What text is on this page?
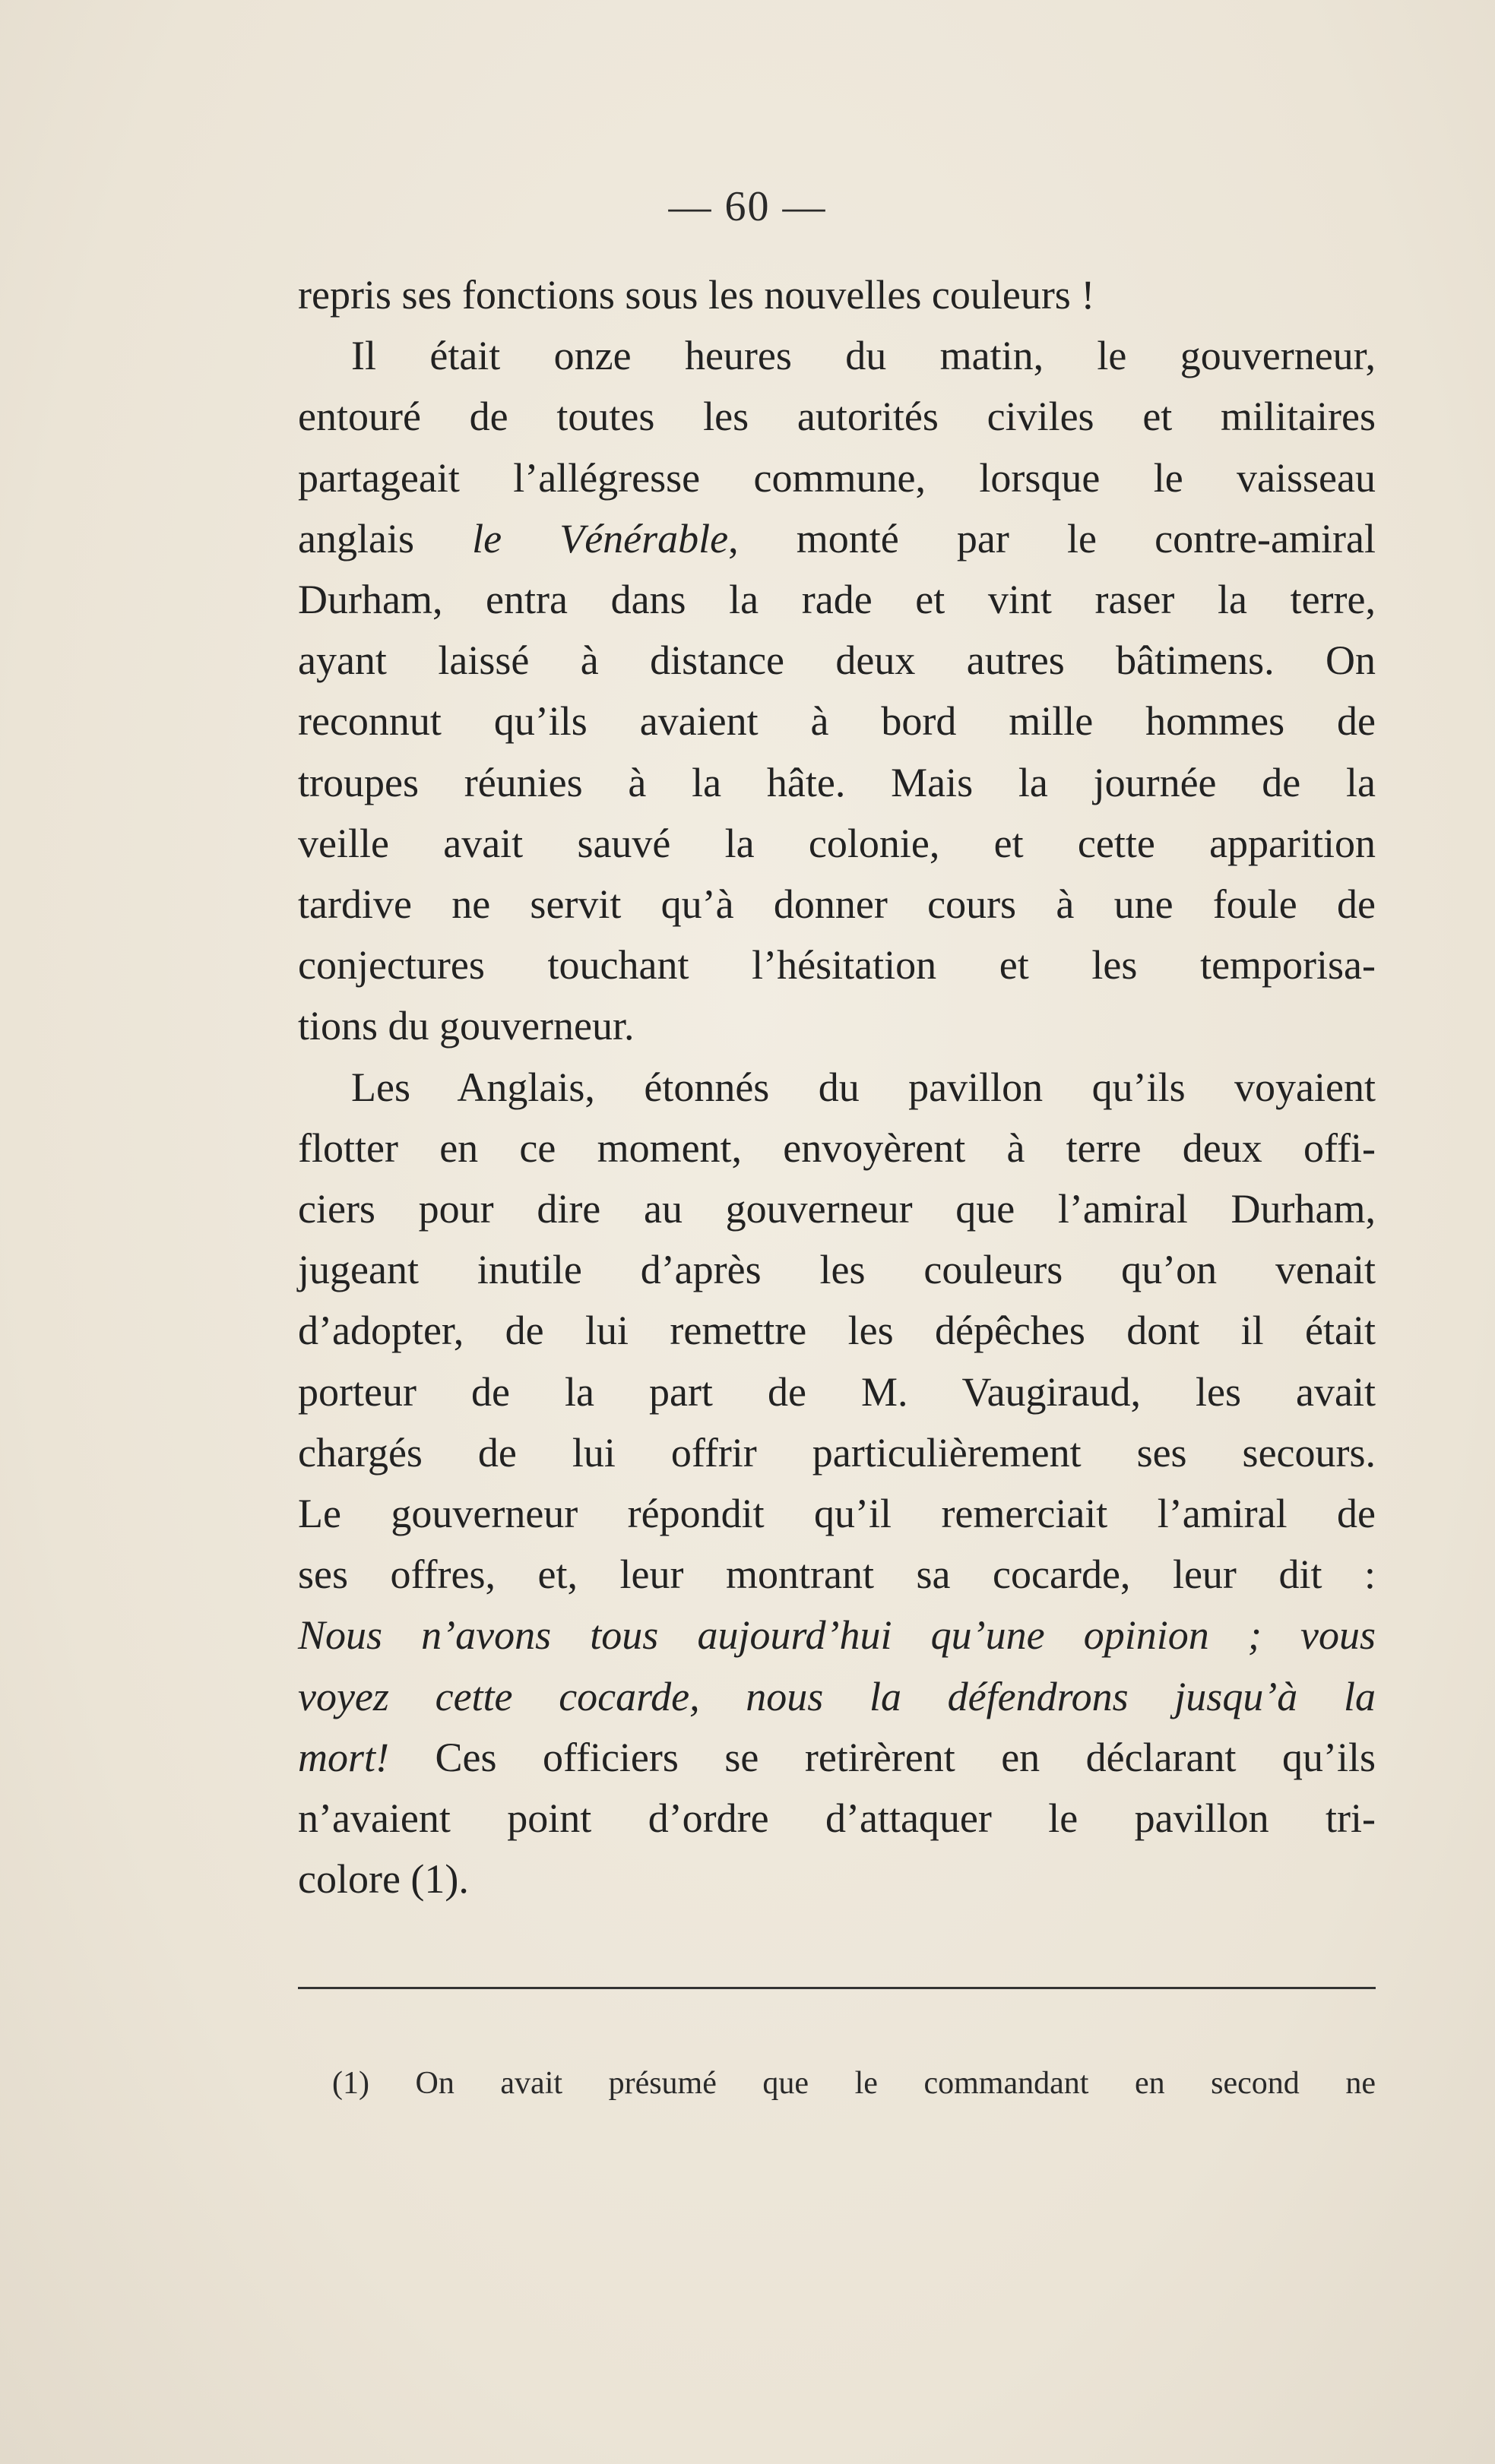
— 60 —
repris ses fonctions sous les nouvelles couleurs !
Il était onze heures du matin, le gouverneur,
entouré de toutes les autorités civiles et militaires
partageait l’allégresse commune, lorsque le vaisseau
anglais le Vénérable, monté par le contre-amiral
Durham, entra dans la rade et vint raser la terre,
ayant laissé à distance deux autres bâtimens. On
reconnut qu’ils avaient à bord mille hommes de
troupes réunies à la hâte. Mais la journée de la
veille avait sauvé la colonie, et cette apparition
tardive ne servit qu’à donner cours à une foule de
conjectures touchant l’hésitation et les temporisa-
tions du gouverneur.
Les Anglais, étonnés du pavillon qu’ils voyaient
flotter en ce moment, envoyèrent à terre deux offi-
ciers pour dire au gouverneur que l’amiral Durham,
jugeant inutile d’après les couleurs qu’on venait
d’adopter, de lui remettre les dépêches dont il était
porteur de la part de M. Vaugiraud, les avait
chargés de lui offrir particulièrement ses secours.
Le gouverneur répondit qu’il remerciait l’amiral de
ses offres, et, leur montrant sa cocarde, leur dit :
Nous n’avons tous aujourd’hui qu’une opinion ; vous
voyez cette cocarde, nous la défendrons jusqu’à la
mort! Ces officiers se retirèrent en déclarant qu’ils
n’avaient point d’ordre d’attaquer le pavillon tri-
colore (1).
(1) On avait présumé que le commandant en second ne
